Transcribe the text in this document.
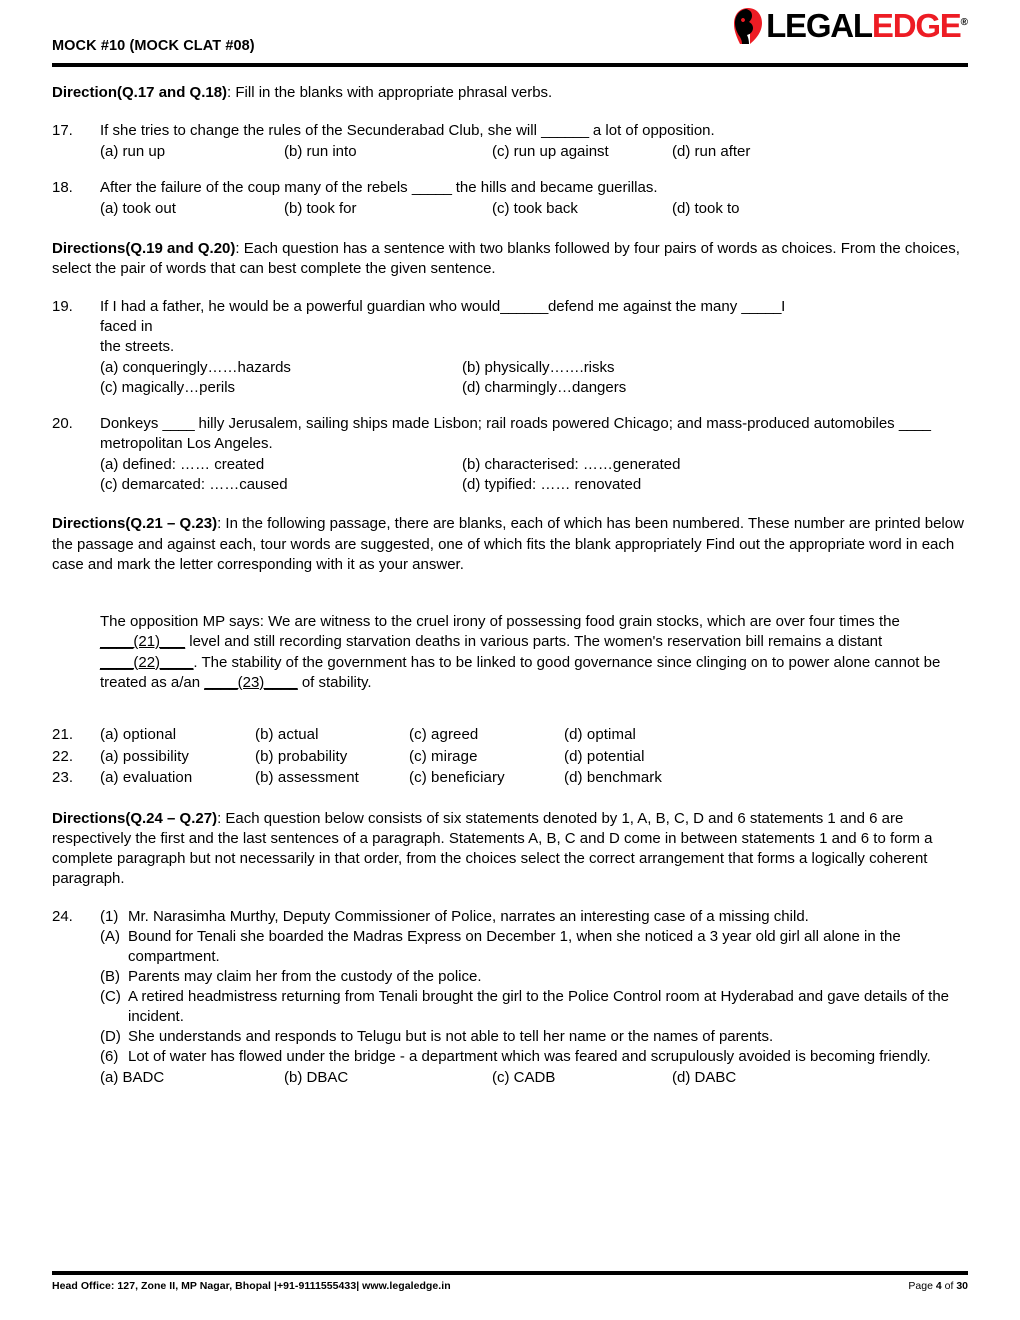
MOCK #10 (MOCK CLAT #08)
LEGALEDGE®

Direction(Q.17 and Q.18): Fill in the blanks with appropriate phrasal verbs.

17.	If she tries to change the rules of the Secunderabad Club, she will ______ a lot of opposition.

(a) run up	(b) run into	(c) run up against	(d) run after
18.	After the failure of the coup many of the rebels _____ the hills and became guerillas.

(a) took out	(b) took for	(c) took back	(d) took to

Directions(Q.19 and Q.20): Each question has a sentence with two blanks followed by four pairs of words as choices. From the choices, select the pair of words that can best complete the given sentence.

19.	If I had a father, he would be a powerful guardian who would______defend me against the many _____I

faced in

the streets.

(a) conqueringly……hazards	(b) physically…….risks
(c) magically…perils	(d) charmingly…dangers
20.	Donkeys ____ hilly Jerusalem, sailing ships made Lisbon; rail roads powered Chicago; and mass-produced automobiles ____ metropolitan Los Angeles.

(a) defined: …… created	(b) characterised: ……generated
(c) demarcated: ……caused	(d) typified: …… renovated

Directions(Q.21 – Q.23): In the following passage, there are blanks, each of which has been numbered. These number are printed below the passage and against each, tour words are suggested, one of which fits the blank appropriately Find out the appropriate word in each case and mark the letter corresponding with it as your answer.

The opposition MP says: We are witness to the cruel irony of possessing food grain stocks, which are over four times the ____(21)___ level and still recording starvation deaths in various parts. The women's reservation bill remains a distant ____(22)____. The stability of the government has to be linked to good governance since clinging on to power alone cannot be treated as a/an ____(23)____ of stability.

21.	(a) optional	(b) actual	(c) agreed	(d) optimal
22.	(a) possibility	(b) probability	(c) mirage	(d) potential
23.	(a) evaluation	(b) assessment	(c) beneficiary	(d) benchmark

Directions(Q.24 – Q.27): Each question below consists of six statements denoted by 1, A, B, C, D and 6 statements 1 and 6 are respectively the first and the last sentences of a paragraph. Statements A, B, C and D come in between statements 1 and 6 to form a complete paragraph but not necessarily in that order, from the choices select the correct arrangement that forms a logically coherent paragraph.

24.	(1) Mr. Narasimha Murthy, Deputy Commissioner of Police, narrates an interesting case of a missing child.
(A) Bound for Tenali she boarded the Madras Express on December 1, when she noticed a 3 year old girl all alone in the compartment.
(B) Parents may claim her from the custody of the police.
(C) A retired headmistress returning from Tenali brought the girl to the Police Control room at Hyderabad and gave details of the incident.
(D) She understands and responds to Telugu but is not able to tell her name or the names of parents.
(6) Lot of water has flowed under the bridge - a department which was feared and scrupulously avoided is becoming friendly.
(a) BADC	(b) DBAC	(c) CADB	(d) DABC
Head Office: 127, Zone II, MP Nagar, Bhopal |+91-9111555433| www.legaledge.in	Page 4 of 30
